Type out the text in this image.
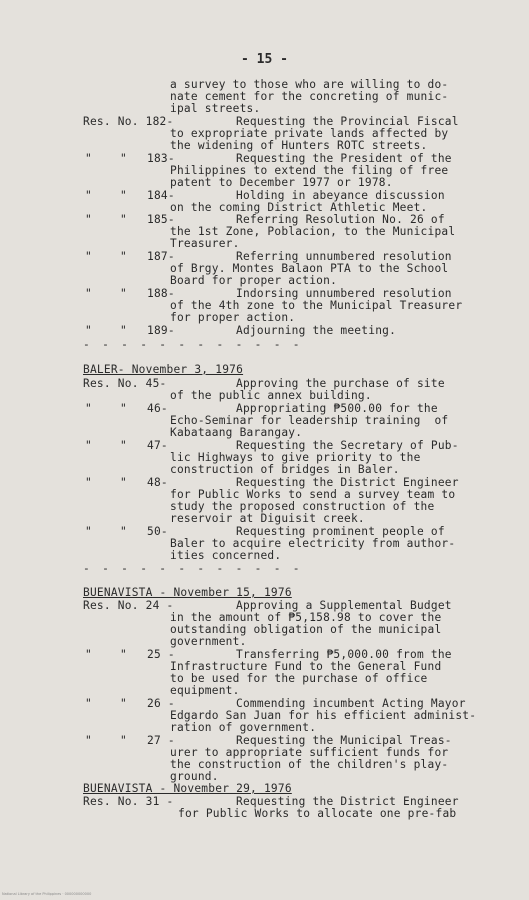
- 15 -
a survey to those who are willing to do-
nate cement for the concreting of munic-
ipal streets.
Res. No. 182-	Requesting the Provincial Fiscal
to expropriate private lands affected by
the widening of Hunters ROTC streets.
"	" 183-	Requesting the President of the
Philippines to extend the filing of free
patent to December 1977 or 1978.
"	" 184-	Holding in abeyance discussion
on the coming District Athletic Meet.
"	" 185-	Referring Resolution No. 26 of
the 1st Zone, Poblacion, to the Municipal
Treasurer.
"	" 187-	Referring unnumbered resolution
of Brgy. Montes Balaon PTA to the School
Board for proper action.
"	" 188-	Indorsing unnumbered resolution
of the 4th zone to the Municipal Treasurer
for proper action.
"	" 189-	Adjourning the meeting.
- - - - - - - - - - - -
BALER- November 3, 1976
Res. No. 45-	Approving the purchase of site
of the public annex building.
"	" 46-	Appropriating ₱500.00 for the
Echo-Seminar for leadership training  of
Kabataang Barangay.
"	" 47-	Requesting the Secretary of Pub-
lic Highways to give priority to the
construction of bridges in Baler.
"	" 48-	Requesting the District Engineer
for Public Works to send a survey team to
study the proposed construction of the
reservoir at Diguisit creek.
"	" 50-	Requesting prominent people of
Baler to acquire electricity from author-
ities concerned.
- - - - - - - - - - - -
BUENAVISTA - November 15, 1976
Res. No. 24 -	Approving a Supplemental Budget
in the amount of ₱5,158.98 to cover the
outstanding obligation of the municipal
government.
"	" 25 -	Transferring ₱5,000.00 from the
Infrastructure Fund to the General Fund
to be used for the purchase of office
equipment.
"	" 26 -	Commending incumbent Acting Mayor
Edgardo San Juan for his efficient administ-
ration of government.
"	" 27 -	Requesting the Municipal Treas-
urer to appropriate sufficient funds for
the construction of the children's play-
ground.
BUENAVISTA - November 29, 1976
Res. No. 31 -	Requesting the District Engineer
for Public Works to allocate one pre-fab
National Library of the Philippines · 000000000000
